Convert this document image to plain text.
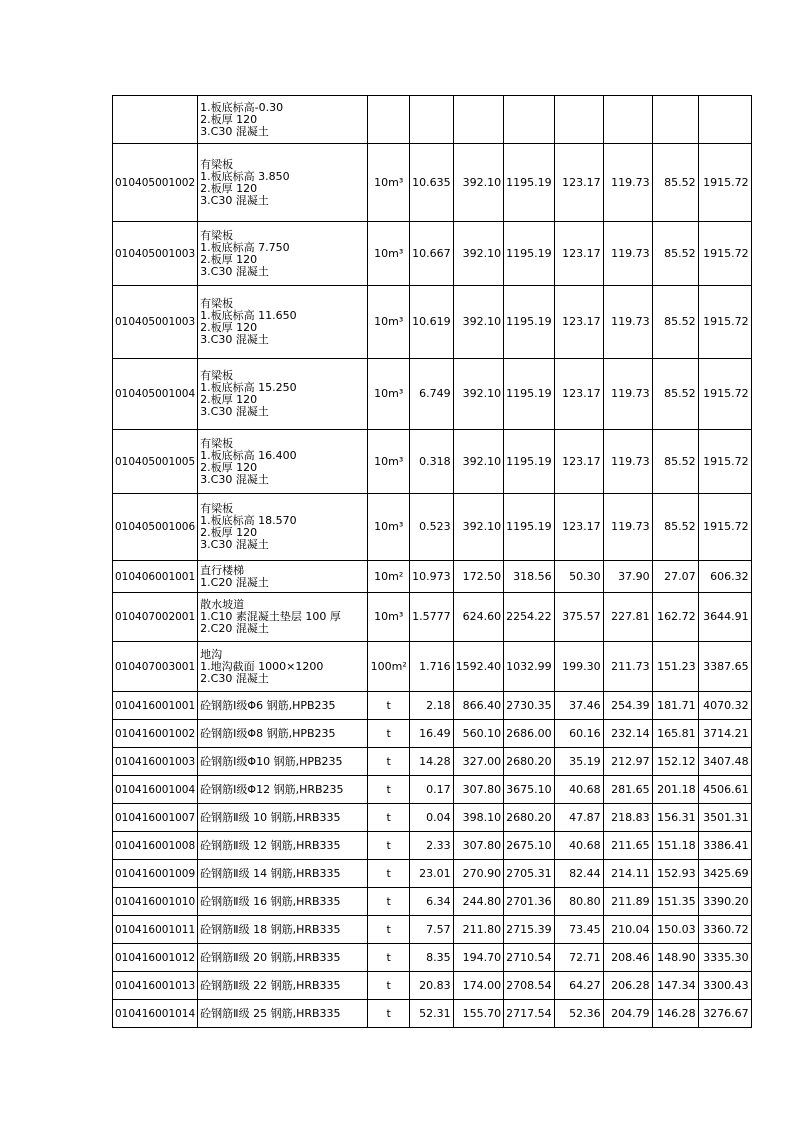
	1.板底标高-0.30
2.板厚 120
3.C30 混凝土								

010405001002	有梁板
1.板底标高 3.850
2.板厚 120
3.C30 混凝土	10m³	10.635	392.10	1195.19	123.17	119.73	85.52	1915.72
010405001003	有梁板
1.板底标高 7.750
2.板厚 120
3.C30 混凝土	10m³	10.667	392.10	1195.19	123.17	119.73	85.52	1915.72
010405001003	有梁板
1.板底标高 11.650
2.板厚 120
3.C30 混凝土	10m³	10.619	392.10	1195.19	123.17	119.73	85.52	1915.72
010405001004	有梁板
1.板底标高 15.250
2.板厚 120
3.C30 混凝土	10m³	6.749	392.10	1195.19	123.17	119.73	85.52	1915.72
010405001005	有梁板
1.板底标高 16.400
2.板厚 120
3.C30 混凝土	10m³	0.318	392.10	1195.19	123.17	119.73	85.52	1915.72
010405001006	有梁板
1.板底标高 18.570
2.板厚 120
3.C30 混凝土	10m³	0.523	392.10	1195.19	123.17	119.73	85.52	1915.72
010406001001	直行楼梯
1.C20 混凝土	10m²	10.973	172.50	318.56	50.30	37.90	27.07	606.32
010407002001	散水坡道
1.C10 素混凝土垫层 100 厚
2.C20 混凝土	10m³	1.5777	624.60	2254.22	375.57	227.81	162.72	3644.91
010407003001	地沟
1.地沟截面 1000×1200
2.C30 混凝土	100m²	1.716	1592.40	1032.99	199.30	211.73	151.23	3387.65
010416001001	砼钢筋Ⅰ级Φ6 钢筋,HPB235	t	2.18	866.40	2730.35	37.46	254.39	181.71	4070.32
010416001002	砼钢筋Ⅰ级Φ8 钢筋,HPB235	t	16.49	560.10	2686.00	60.16	232.14	165.81	3714.21
010416001003	砼钢筋Ⅰ级Φ10 钢筋,HPB235	t	14.28	327.00	2680.20	35.19	212.97	152.12	3407.48
010416001004	砼钢筋Ⅰ级Φ12 钢筋,HRB235	t	0.17	307.80	3675.10	40.68	281.65	201.18	4506.61
010416001007	砼钢筋Ⅱ级 10 钢筋,HRB335	t	0.04	398.10	2680.20	47.87	218.83	156.31	3501.31
010416001008	砼钢筋Ⅱ级 12 钢筋,HRB335	t	2.33	307.80	2675.10	40.68	211.65	151.18	3386.41
010416001009	砼钢筋Ⅱ级 14 钢筋,HRB335	t	23.01	270.90	2705.31	82.44	214.11	152.93	3425.69
010416001010	砼钢筋Ⅱ级 16 钢筋,HRB335	t	6.34	244.80	2701.36	80.80	211.89	151.35	3390.20
010416001011	砼钢筋Ⅱ级 18 钢筋,HRB335	t	7.57	211.80	2715.39	73.45	210.04	150.03	3360.72
010416001012	砼钢筋Ⅱ级 20 钢筋,HRB335	t	8.35	194.70	2710.54	72.71	208.46	148.90	3335.30
010416001013	砼钢筋Ⅱ级 22 钢筋,HRB335	t	20.83	174.00	2708.54	64.27	206.28	147.34	3300.43
010416001014	砼钢筋Ⅱ级 25 钢筋,HRB335	t	52.31	155.70	2717.54	52.36	204.79	146.28	3276.67
